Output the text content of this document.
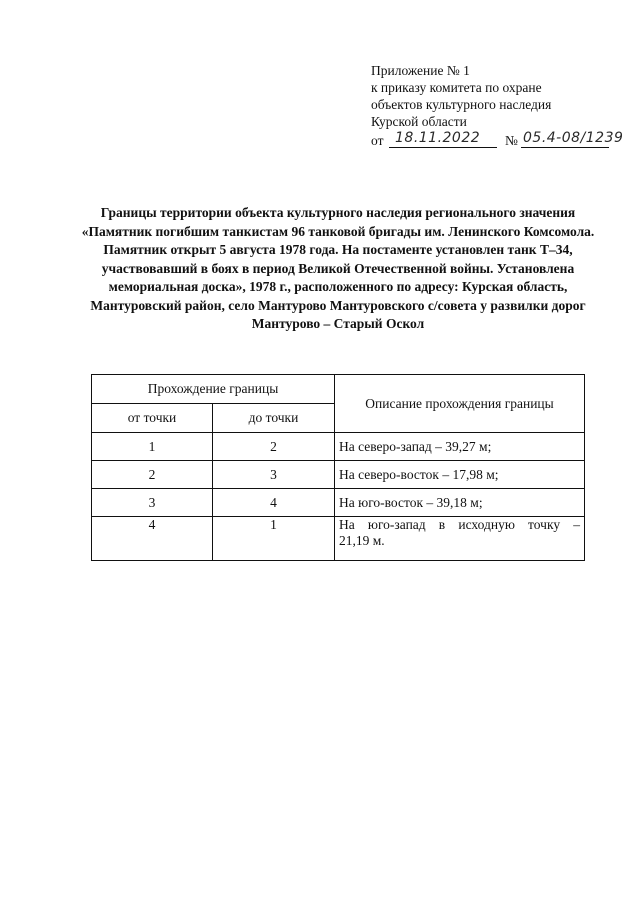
Приложение № 1
к приказу комитета по охране
объектов культурного наследия
Курской области
от 18.11.2022 № 05.4-08/1239
Границы территории объекта культурного наследия регионального значения «Памятник погибшим танкистам 96 танковой бригады им. Ленинского Комсомола. Памятник открыт 5 августа 1978 года. На постаменте установлен танк Т–34, участвовавший в боях в период Великой Отечественной войны. Установлена мемориальная доска», 1978 г., расположенного по адресу: Курская область, Мантуровский район, село Мантурово Мантуровского с/совета у развилки дорог Мантурово – Старый Оскол
Прохождение границы		Описание прохождения границы
от точки	до точки	
1	2	На северо-запад – 39,27 м;
2	3	На северо-восток – 17,98 м;
3	4	На юго-восток – 39,18 м;
4	1	На юго-запад в исходную точку –
21,19 м.
